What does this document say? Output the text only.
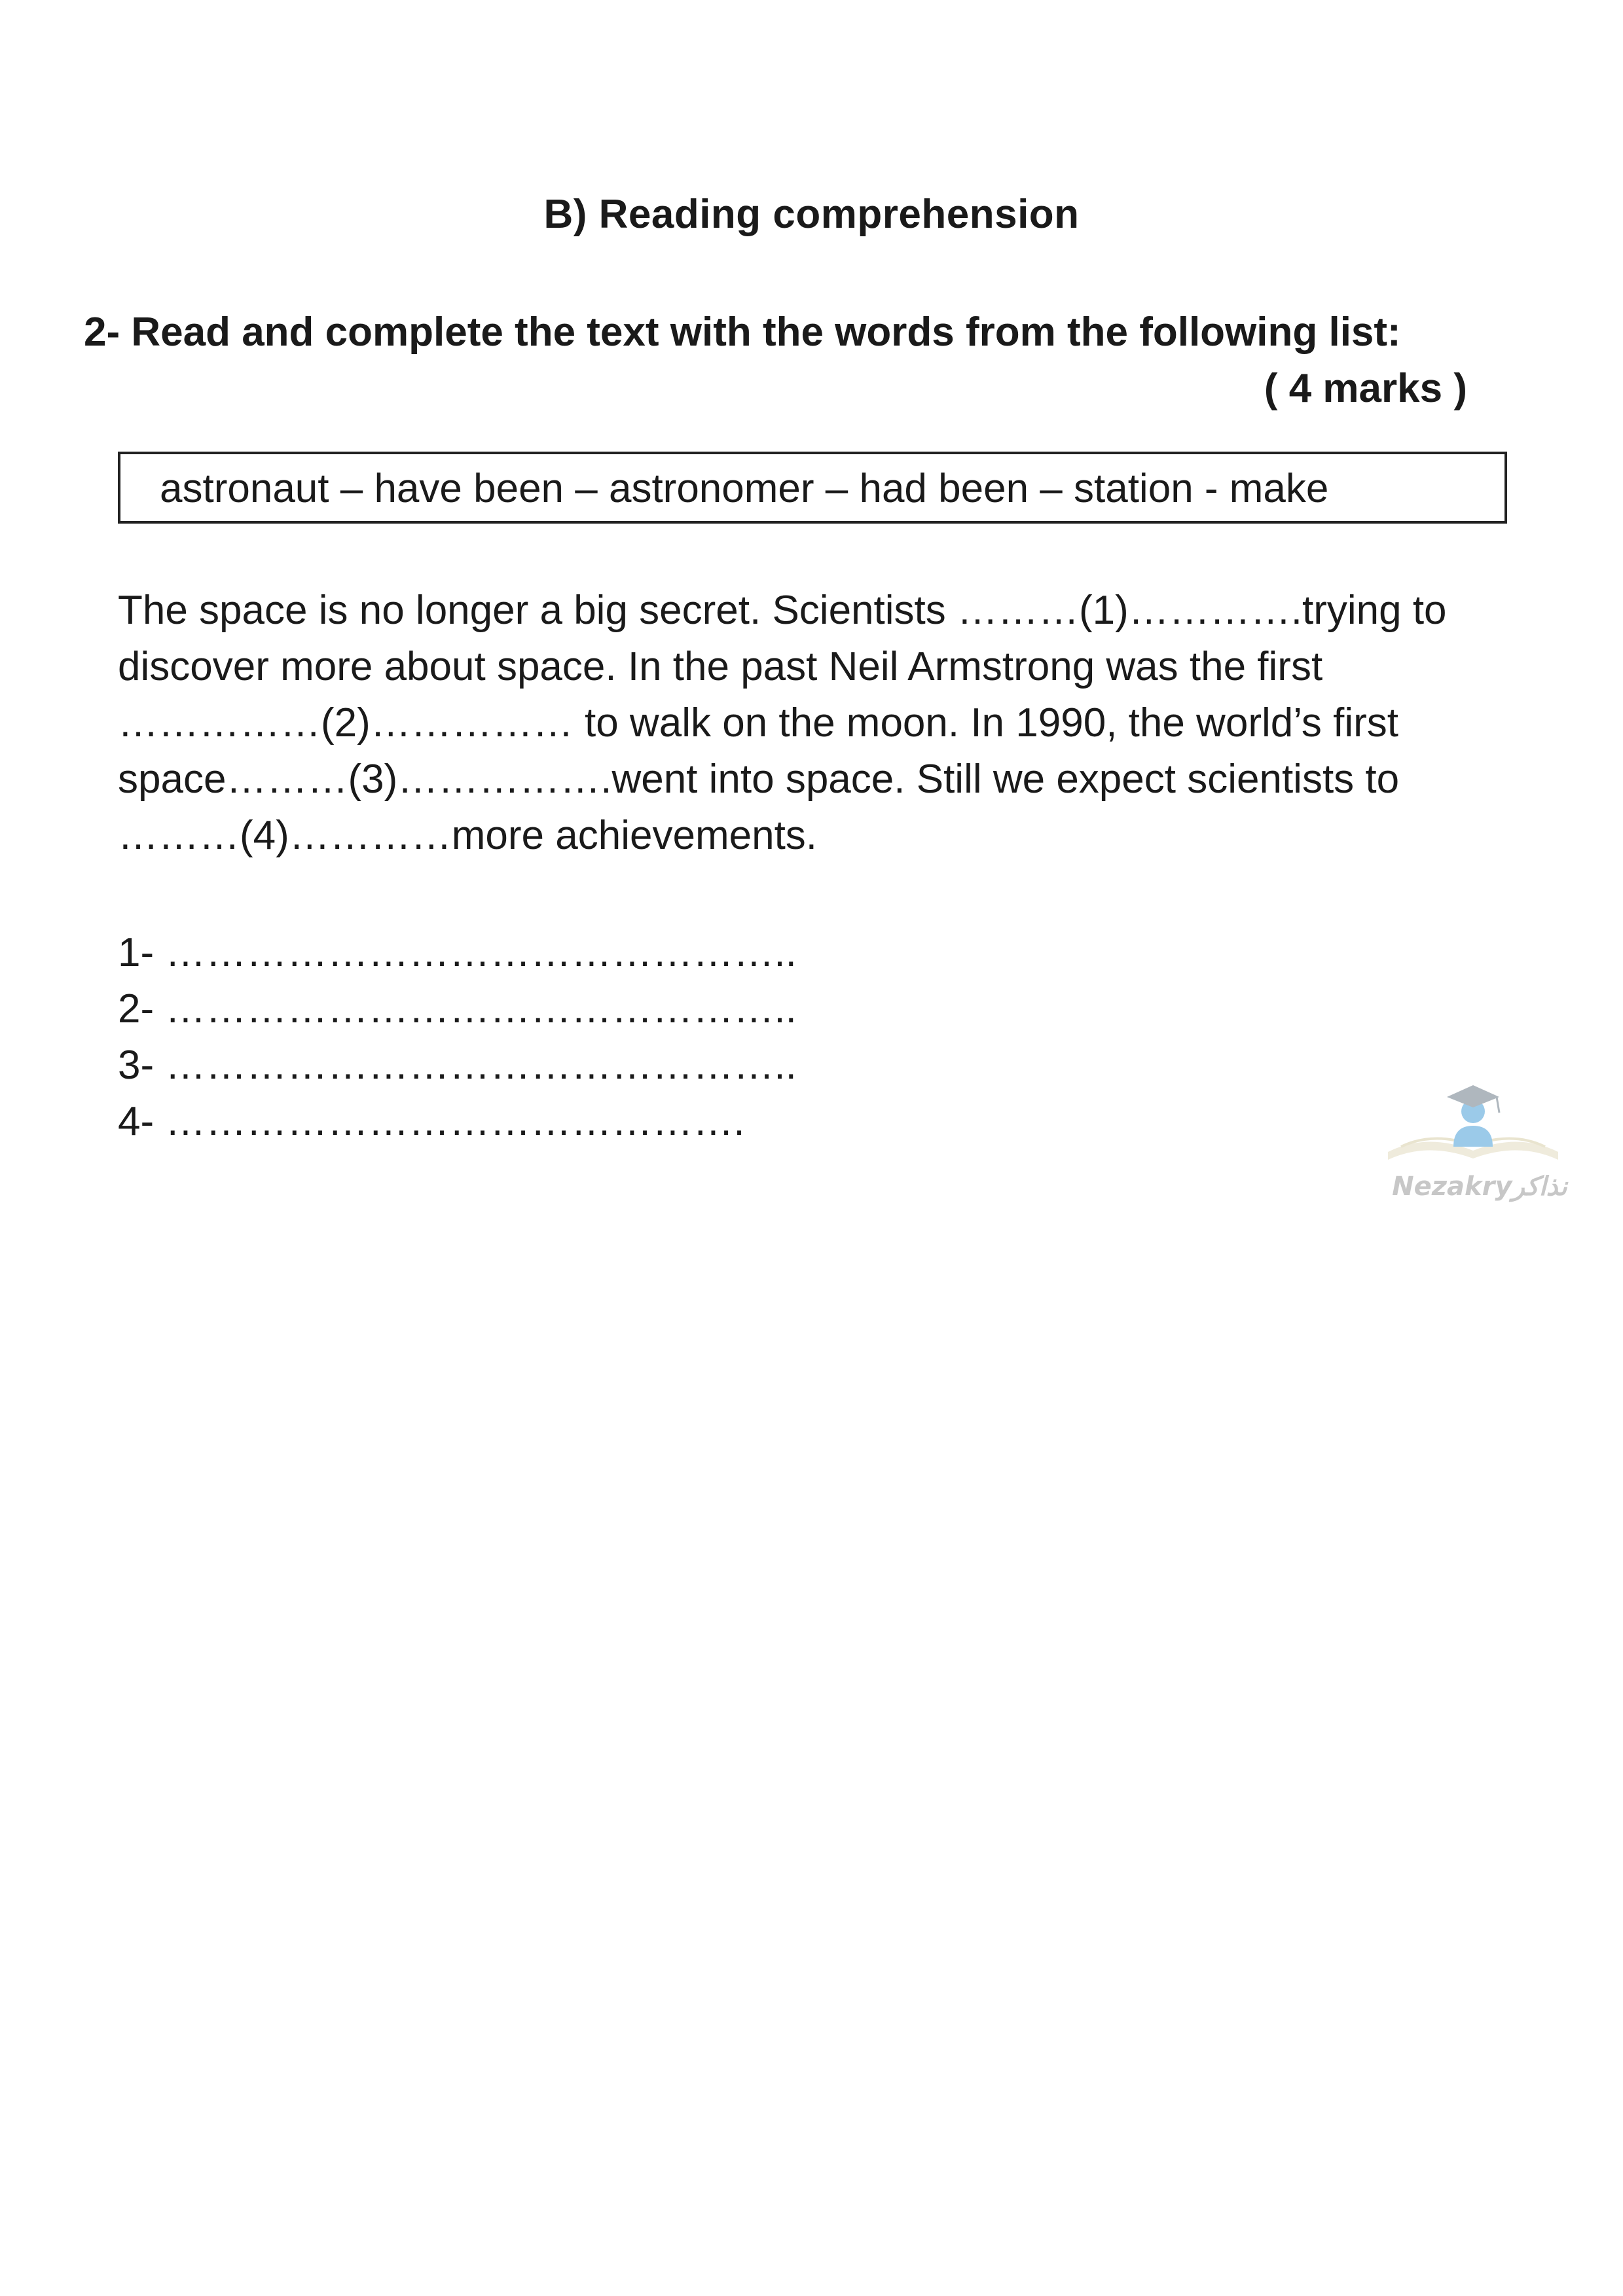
B) Reading comprehension
2- Read and complete the text with the words from the following list:
( 4 marks )
astronaut – have been – astronomer – had been – station - make
The space is no longer a big secret. Scientists ………(1)………….trying to
discover more about space. In the past Neil Armstrong was the first
……………(2)…………… to walk on the moon. In 1990, the world’s first
space………(3)…………….went into space. Still we expect scientists to
………(4)…………more achievements.
1- ………………………………………..
2- ………………………………………..
3- ………………………………………..
4- …………………………………….
Nezakryنذاكر
